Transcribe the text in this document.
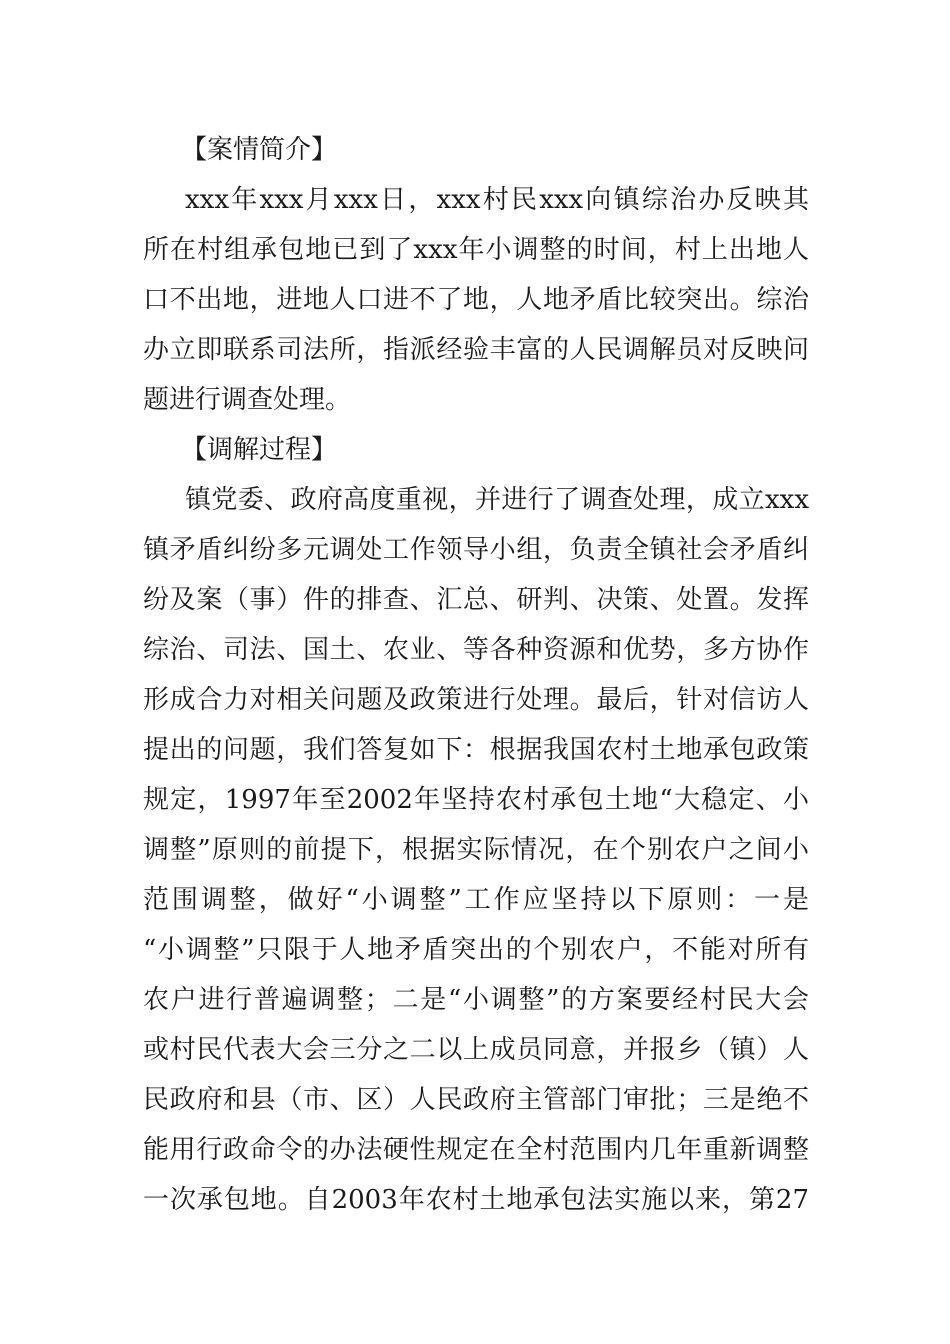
【案情简介】
xxx年xxx月xxx日，xxx村民xxx向镇综治办反映其
所在村组承包地已到了xxx年小调整的时间，村上出地人
口不出地，进地人口进不了地，人地矛盾比较突出。综治
办立即联系司法所，指派经验丰富的人民调解员对反映问
题进行调查处理。
【调解过程】
镇党委、政府高度重视，并进行了调查处理，成立xxx
镇矛盾纠纷多元调处工作领导小组，负责全镇社会矛盾纠
纷及案（事）件的排查、汇总、研判、决策、处置。发挥
综治、司法、国土、农业、等各种资源和优势，多方协作
形成合力对相关问题及政策进行处理。最后，针对信访人
提出的问题，我们答复如下：根据我国农村土地承包政策
规定，1997年至2002年坚持农村承包土地“大稳定、小
调整”原则的前提下，根据实际情况，在个别农户之间小
范围调整，做好“小调整”工作应坚持以下原则：一是
“小调整”只限于人地矛盾突出的个别农户，不能对所有
农户进行普遍调整；二是“小调整”的方案要经村民大会
或村民代表大会三分之二以上成员同意，并报乡（镇）人
民政府和县（市、区）人民政府主管部门审批；三是绝不
能用行政命令的办法硬性规定在全村范围内几年重新调整
一次承包地。自2003年农村土地承包法实施以来，第27
